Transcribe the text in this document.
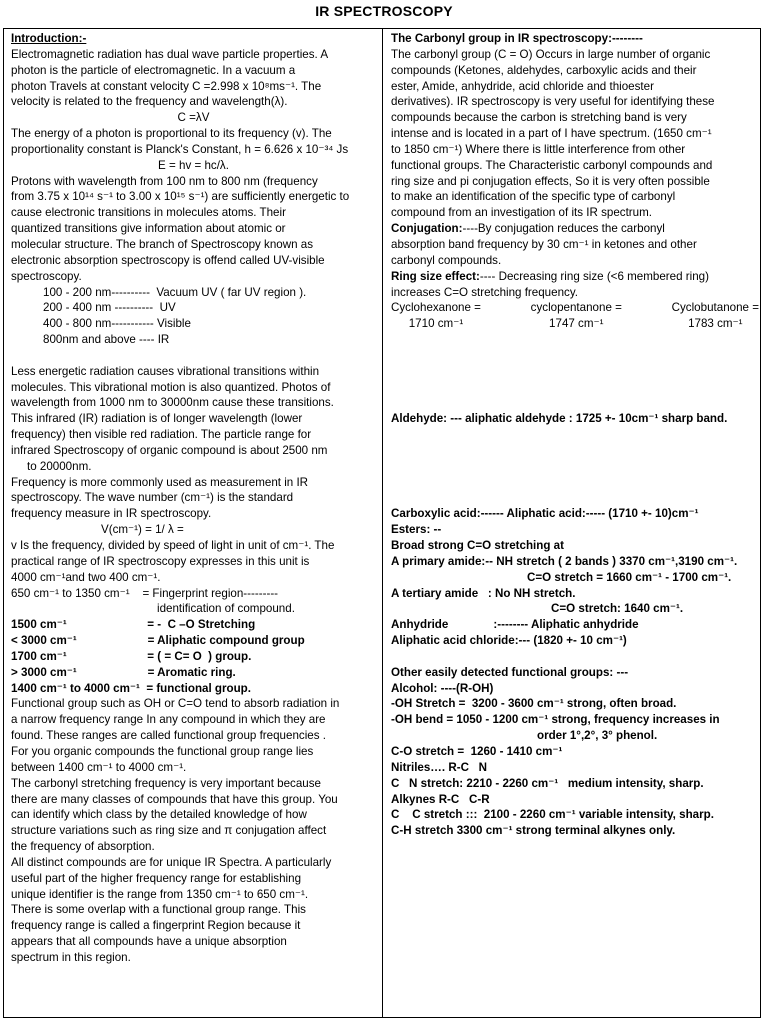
IR SPECTROSCOPY

Introduction:-

Electromagnetic radiation has dual wave particle properties. A

photon is the particle of electromagnetic. In a vacuum a

photon Travels at constant velocity C =2.998 x 10⁸ms⁻¹. The

velocity is related to the frequency and wavelength(λ).

C =λV

The energy of a photon is proportional to its frequency (v). The

proportionality constant is Planck's Constant, h = 6.626 x 10⁻³⁴ Js

E = hv = hc/λ.

Protons with wavelength from 100 nm to 800 nm (frequency

from 3.75 x 10¹⁴ s⁻¹ to 3.00 x 10¹⁵ s⁻¹) are sufficiently energetic to

cause electronic transitions in molecules atoms. Their

quantized transitions give information about atomic or

molecular structure. The branch of Spectroscopy known as

electronic absorption spectroscopy is offend called UV-visible

spectroscopy.

100 - 200 nm----------  Vacuum UV ( far UV region ).

200 - 400 nm ----------  UV

400 - 800 nm----------- Visible

800nm and above ---- IR

Less energetic radiation causes vibrational transitions within

molecules. This vibrational motion is also quantized. Photos of

wavelength from 1000 nm to 30000nm cause these transitions.

This infrared (IR) radiation is of longer wavelength (lower

frequency) then visible red radiation. The particle range for

infrared Spectroscopy of organic compound is about 2500 nm

to 20000nm.

Frequency is more commonly used as measurement in IR

spectroscopy. The wave number (cm⁻¹) is the standard

frequency measure in IR spectroscopy.

V(cm⁻¹) = 1/ λ =

v Is the frequency, divided by speed of light in unit of cm⁻¹. The

practical range of IR spectroscopy expresses in this unit is

4000 cm⁻¹and two 400 cm⁻¹.

650 cm⁻¹ to 1350 cm⁻¹    = Fingerprint region---------

identification of compound.

1500 cm⁻¹                         = -  C –O Stretching

< 3000 cm⁻¹                      = Aliphatic compound group

1700 cm⁻¹                         = ( = C= O  ) group.

> 3000 cm⁻¹                      = Aromatic ring.

1400 cm⁻¹ to 4000 cm⁻¹  = functional group.

Functional group such as OH or C=O tend to absorb radiation in

a narrow frequency range In any compound in which they are

found. These ranges are called functional group frequencies .

For you organic compounds the functional group range lies

between 1400 cm⁻¹ to 4000 cm⁻¹.

The carbonyl stretching frequency is very important because

there are many classes of compounds that have this group. You

can identify which class by the detailed knowledge of how

structure variations such as ring size and π conjugation affect

the frequency of absorption.

All distinct compounds are for unique IR Spectra. A particularly

useful part of the higher frequency range for establishing

unique identifier is the range from 1350 cm⁻¹ to 650 cm⁻¹.

There is some overlap with a functional group range. This

frequency range is called a fingerprint Region because it

appears that all compounds have a unique absorption

spectrum in this region.

The Carbonyl group in IR spectroscopy:--------

The carbonyl group (C = O) Occurs in large number of organic

compounds (Ketones, aldehydes, carboxylic acids and their

ester, Amide, anhydride, acid chloride and thioester

derivatives). IR spectroscopy is very useful for identifying these

compounds because the carbon is stretching band is very

intense and is located in a part of I have spectrum. (1650 cm⁻¹

to 1850 cm⁻¹) Where there is little interference from other

functional groups. The Characteristic carbonyl compounds and

ring size and pi conjugation effects, So it is very often possible

to make an identification of the specific type of carbonyl

compound from an investigation of its IR spectrum.

Conjugation:----By conjugation reduces the carbonyl

absorption band frequency by 30 cm⁻¹ in ketones and other

carbonyl compounds.

Ring size effect:---- Decreasing ring size (<6 membered ring)

increases C=O stretching frequency.

Cyclohexanone =
1710 cm⁻¹
cyclopentanone =
1747 cm⁻¹
Cyclobutanone =
1783 cm⁻¹

Aldehyde: --- aliphatic aldehyde : 1725 +- 10cm⁻¹ sharp band.

Carboxylic acid:------ Aliphatic acid:----- (1710 +- 10)cm⁻¹

Esters: --

Broad strong C=O stretching at

A primary amide:-- NH stretch ( 2 bands ) 3370 cm⁻¹,3190 cm⁻¹.

C=O stretch = 1660 cm⁻¹ - 1700 cm⁻¹.

A tertiary amide   : No NH stretch.

C=O stretch: 1640 cm⁻¹.

Anhydride              :-------- Aliphatic anhydride

Aliphatic acid chloride:--- (1820 +- 10 cm⁻¹)

Other easily detected functional groups: ---

Alcohol: ----(R-OH)

-OH Stretch =  3200 - 3600 cm⁻¹ strong, often broad.

-OH bend = 1050 - 1200 cm⁻¹ strong, frequency increases in

order 1°,2°, 3° phenol.

C-O stretch =  1260 - 1410 cm⁻¹

Nitriles…. R-C   N

C   N stretch: 2210 - 2260 cm⁻¹   medium intensity, sharp.

Alkynes R-C   C-R

C    C stretch :::  2100 - 2260 cm⁻¹ variable intensity, sharp.

C-H stretch 3300 cm⁻¹ strong terminal alkynes only.
